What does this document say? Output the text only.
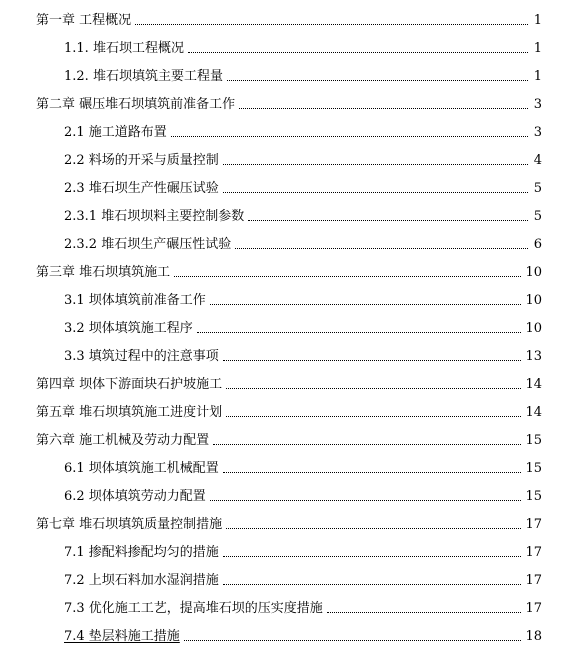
第一章 工程概况	1
1.1. 堆石坝工程概况	1
1.2. 堆石坝填筑主要工程量	1
第二章 碾压堆石坝填筑前准备工作	3
2.1 施工道路布置	3
2.2 料场的开采与质量控制	4
2.3 堆石坝生产性碾压试验	5
2.3.1 堆石坝坝料主要控制参数	5
2.3.2 堆石坝生产碾压性试验	6
第三章 堆石坝填筑施工	10
3.1 坝体填筑前准备工作	10
3.2 坝体填筑施工程序	10
3.3 填筑过程中的注意事项	13
第四章 坝体下游面块石护坡施工	14
第五章 堆石坝填筑施工进度计划	14
第六章 施工机械及劳动力配置	15
6.1 坝体填筑施工机械配置	15
6.2 坝体填筑劳动力配置	15
第七章 堆石坝填筑质量控制措施	17
7.1 掺配料掺配均匀的措施	17
7.2 上坝石料加水湿润措施	17
7.3 优化施工工艺，提高堆石坝的压实度措施	17
7.4 垫层料施工措施	18
